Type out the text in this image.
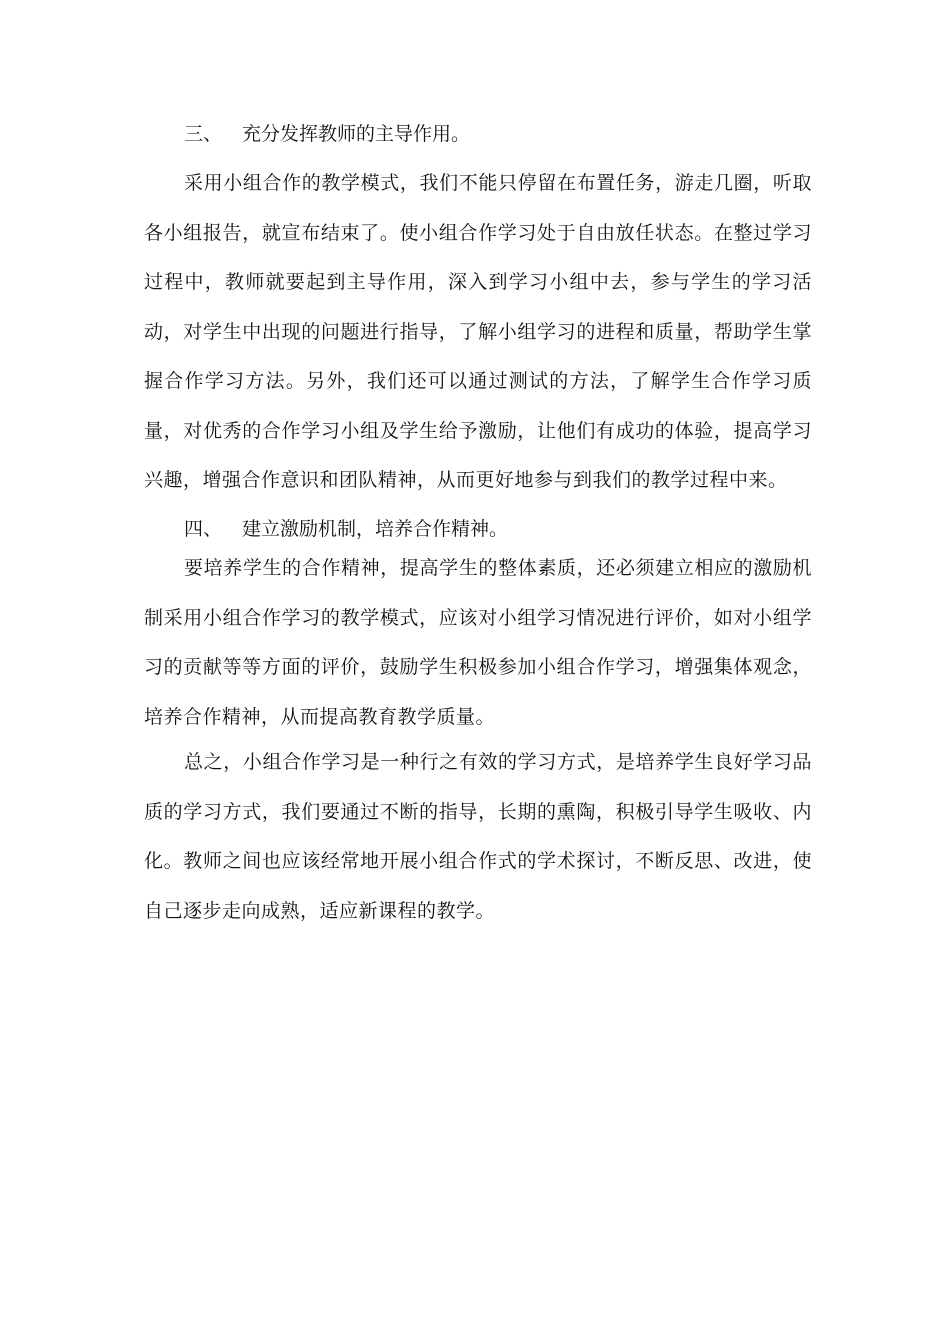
三、 充分发挥教师的主导作用。

采用小组合作的教学模式，我们不能只停留在布置任务，游走几圈，听取各小组报告，就宣布结束了。使小组合作学习处于自由放任状态。在整过学习过程中，教师就要起到主导作用，深入到学习小组中去，参与学生的学习活动，对学生中出现的问题进行指导，了解小组学习的进程和质量，帮助学生掌握合作学习方法。另外，我们还可以通过测试的方法，了解学生合作学习质量，对优秀的合作学习小组及学生给予激励，让他们有成功的体验，提高学习兴趣，增强合作意识和团队精神，从而更好地参与到我们的教学过程中来。

四、 建立激励机制，培养合作精神。

要培养学生的合作精神，提高学生的整体素质，还必须建立相应的激励机制采用小组合作学习的教学模式，应该对小组学习情况进行评价，如对小组学习的贡献等等方面的评价，鼓励学生积极参加小组合作学习，增强集体观念，培养合作精神，从而提高教育教学质量。

总之，小组合作学习是一种行之有效的学习方式，是培养学生良好学习品质的学习方式，我们要通过不断的指导，长期的熏陶，积极引导学生吸收、内化。教师之间也应该经常地开展小组合作式的学术探讨，不断反思、改进，使自己逐步走向成熟，适应新课程的教学。
